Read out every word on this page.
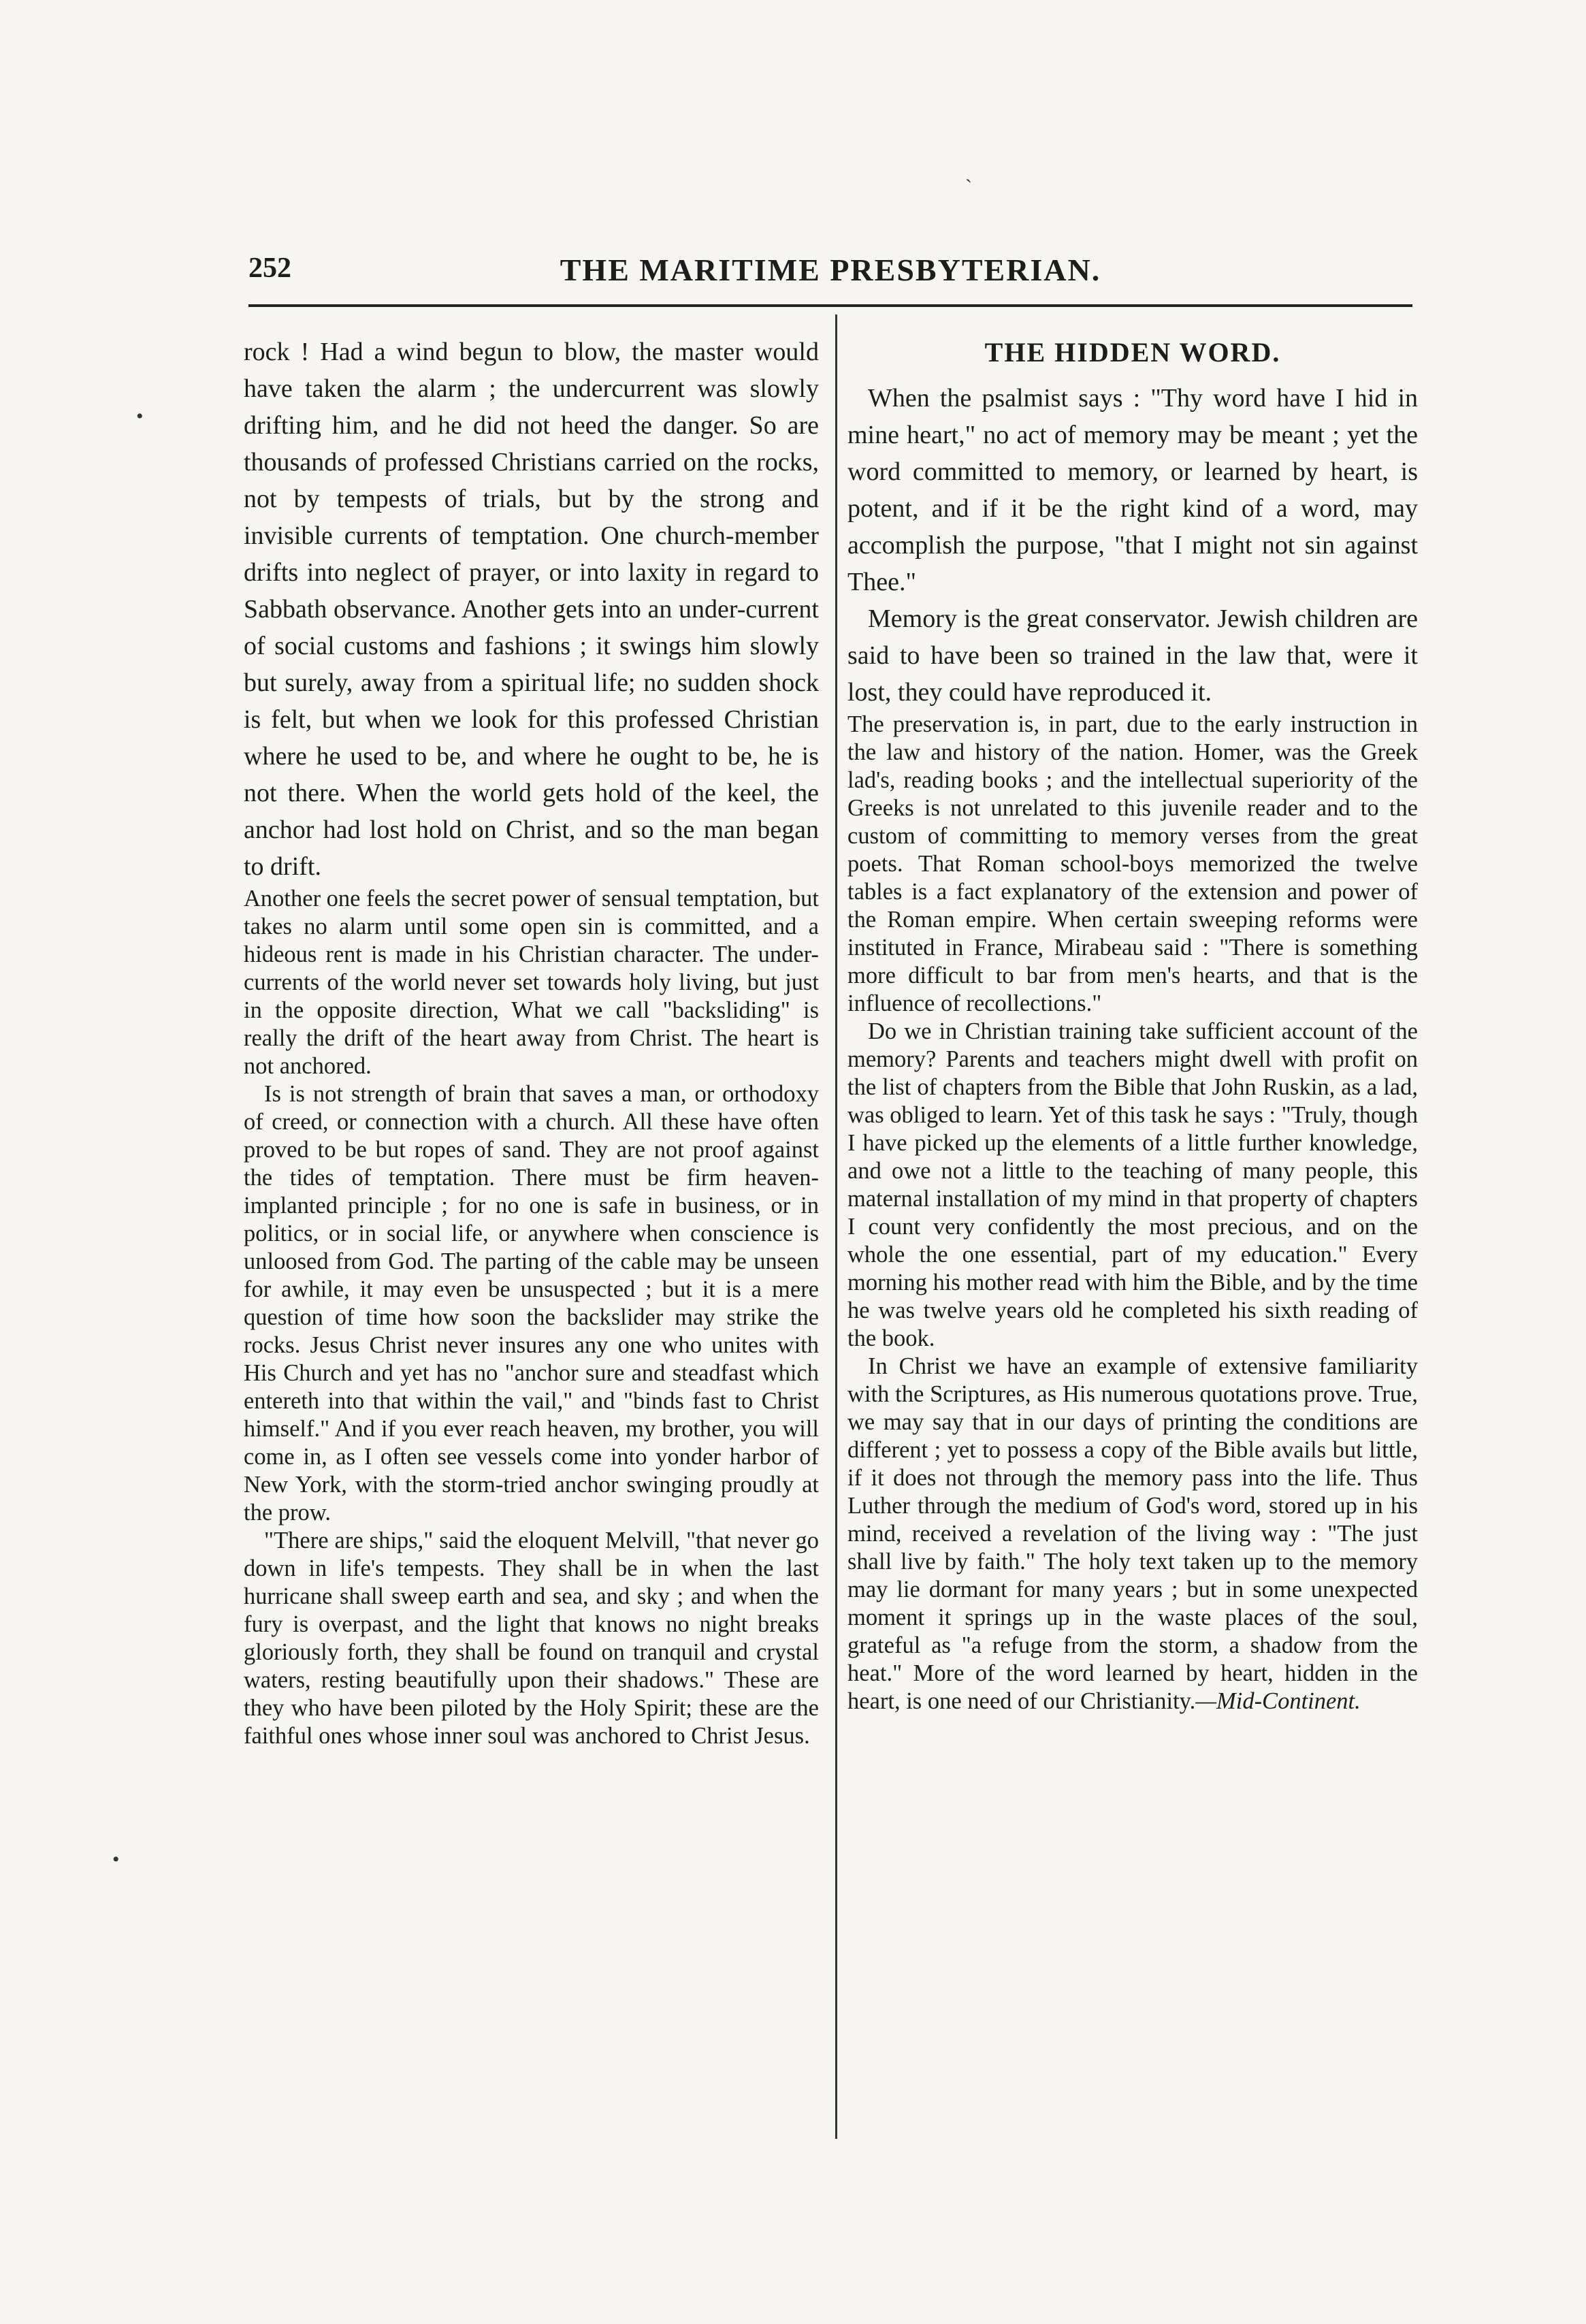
252	THE MARITIME PRESBYTERIAN.
`
•
•

rock ! Had a wind begun to blow, the master would have taken the alarm ; the undercurrent was slowly drifting him, and he did not heed the danger. So are thousands of professed Christians carried on the rocks, not by tempests of trials, but by the strong and invisible currents of temptation. One church-member drifts into neglect of prayer, or into laxity in regard to Sabbath observance. Another gets into an under-current of social customs and fashions ; it swings him slowly but surely, away from a spiritual life; no sudden shock is felt, but when we look for this professed Christian where he used to be, and where he ought to be, he is not there. When the world gets hold of the keel, the anchor had lost hold on Christ, and so the man began to drift.

Another one feels the secret power of sensual temptation, but takes no alarm until some open sin is committed, and a hideous rent is made in his Christian character. The under-currents of the world never set towards holy living, but just in the opposite direction, What we call "backsliding" is really the drift of the heart away from Christ. The heart is not anchored.

Is is not strength of brain that saves a man, or orthodoxy of creed, or connection with a church. All these have often proved to be but ropes of sand. They are not proof against the tides of temptation. There must be firm heaven-implanted principle ; for no one is safe in business, or in politics, or in social life, or anywhere when conscience is unloosed from God. The parting of the cable may be unseen for awhile, it may even be unsuspected ; but it is a mere question of time how soon the backslider may strike the rocks. Jesus Christ never insures any one who unites with His Church and yet has no "anchor sure and steadfast which entereth into that within the vail," and "binds fast to Christ himself." And if you ever reach heaven, my brother, you will come in, as I often see vessels come into yonder harbor of New York, with the storm-tried anchor swinging proudly at the prow.

"There are ships," said the eloquent Melvill, "that never go down in life's tempests. They shall be in when the last hurricane shall sweep earth and sea, and sky ; and when the fury is overpast, and the light that knows no night breaks gloriously forth, they shall be found on tranquil and crystal waters, resting beautifully upon their shadows." These are they who have been piloted by the Holy Spirit; these are the faithful ones whose inner soul was anchored to Christ Jesus.

THE HIDDEN WORD.

When the psalmist says : "Thy word have I hid in mine heart," no act of memory may be meant ; yet the word committed to memory, or learned by heart, is potent, and if it be the right kind of a word, may accomplish the purpose, "that I might not sin against Thee."

Memory is the great conservator. Jewish children are said to have been so trained in the law that, were it lost, they could have reproduced it.

The preservation is, in part, due to the early instruction in the law and history of the nation. Homer, was the Greek lad's, reading books ; and the intellectual superiority of the Greeks is not unrelated to this juvenile reader and to the custom of committing to memory verses from the great poets. That Roman school-boys memorized the twelve tables is a fact explanatory of the extension and power of the Roman empire. When certain sweeping reforms were instituted in France, Mirabeau said : "There is something more difficult to bar from men's hearts, and that is the influence of recollections."

Do we in Christian training take sufficient account of the memory? Parents and teachers might dwell with profit on the list of chapters from the Bible that John Ruskin, as a lad, was obliged to learn. Yet of this task he says : "Truly, though I have picked up the elements of a little further knowledge, and owe not a little to the teaching of many people, this maternal installation of my mind in that property of chapters I count very confidently the most precious, and on the whole the one essential, part of my education." Every morning his mother read with him the Bible, and by the time he was twelve years old he completed his sixth reading of the book.

In Christ we have an example of extensive familiarity with the Scriptures, as His numerous quotations prove. True, we may say that in our days of printing the conditions are different ; yet to possess a copy of the Bible avails but little, if it does not through the memory pass into the life. Thus Luther through the medium of God's word, stored up in his mind, received a revelation of the living way : "The just shall live by faith." The holy text taken up to the memory may lie dormant for many years ; but in some unexpected moment it springs up in the waste places of the soul, grateful as "a refuge from the storm, a shadow from the heat." More of the word learned by heart, hidden in the heart, is one need of our Christianity.—Mid-Continent.
